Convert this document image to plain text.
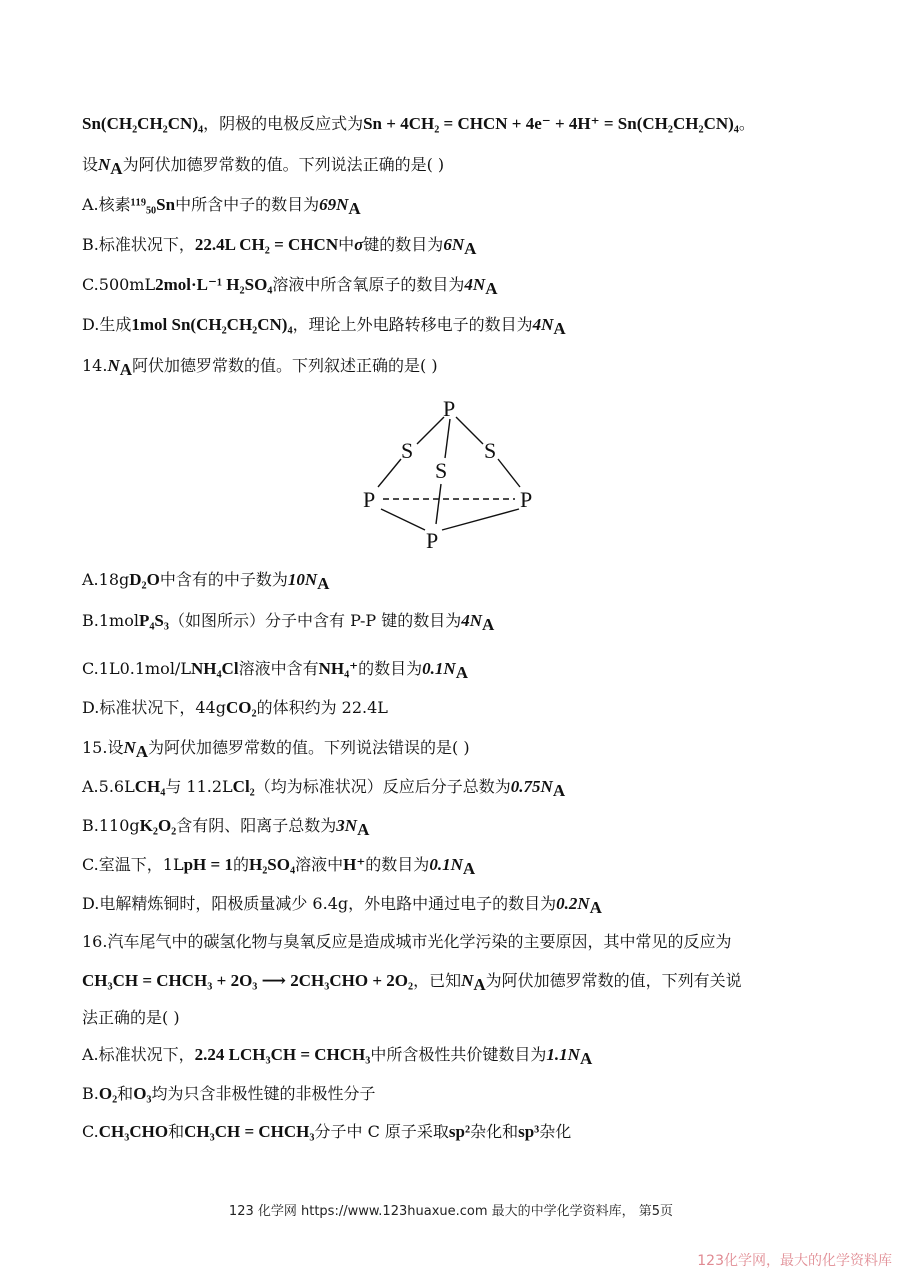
Sn(CH₂CH₂CN)₄，阴极的电极反应式为Sn + 4CH₂ = CHCN + 4e⁻ + 4H⁺ = Sn(CH₂CH₂CN)₄。
设$N_A$为阿伏加德罗常数的值。下列说法正确的是( )
A.核素¹¹⁹₅₀Sn中所含中子的数目为$69N_A$
B.标准状况下，22.4L CH₂ = CHCN中σ键的数目为$6N_A$
C.500mL2mol·L⁻¹ H₂SO₄溶液中所含氧原子的数目为$4N_A$
D.生成1mol Sn(CH₂CH₂CN)₄，理论上外电路转移电子的数目为$4N_A$
$14.N_A$阿伏加德罗常数的值。下列叙述正确的是( )
P
S
S
S
P	P
P
A.18gD₂O中含有的中子数为$10N_A$
B.1molP₄S₃（如图所示）分子中含有 P-P 键的数目为$4N_A$
C.1L0.1mol/LNH₄Cl溶液中含有NH₄⁺的数目为$0.1N_A$
D.标准状况下，44gCO₂的体积约为 22.4L
15.设$N_A$为阿伏加德罗常数的值。下列说法错误的是( )
A.5.6LCH₄与 11.2LCl₂（均为标准状况）反应后分子总数为$0.75N_A$
B.110gK₂O₂含有阴、阳离子总数为$3N_A$
C.室温下，1LpH = 1的H₂SO₄溶液中H⁺的数目为$0.1N_A$
D.电解精炼铜时，阳极质量减少 6.4g，外电路中通过电子的数目为$0.2N_A$
16.汽车尾气中的碳氢化物与臭氧反应是造成城市光化学污染的主要原因，其中常见的反应为
CH₃CH = CHCH₃ + 2O₃ ⟶ 2CH₃CHO + 2O₂，已知$N_A$为阿伏加德罗常数的值，下列有关说
法正确的是( )
A.标准状况下，2.24 LCH₃CH = CHCH₃中所含极性共价键数目为$1.1N_A$
B.O₂和O₃均为只含非极性键的非极性分子
C.CH₃CHO和CH₃CH = CHCH₃分子中 C 原子采取sp²杂化和sp³杂化
123 化学网 https://www.123huaxue.com 最大的中学化学资料库， 第5页
123化学网，最大的化学资料库
